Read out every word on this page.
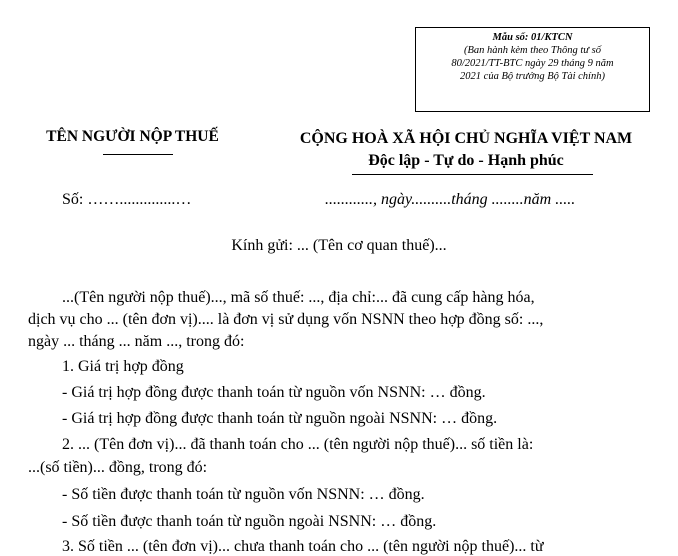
Mẫu số: 01/KTCN
(Ban hành kèm theo Thông tư số
80/2021/TT-BTC ngày 29 tháng 9 năm
2021 của Bộ trưởng Bộ Tài chính)
TÊN NGƯỜI NỘP THUẾ	CỘNG HOÀ XÃ HỘI CHỦ NGHĨA VIỆT NAM
Độc lập - Tự do - Hạnh phúc
Số: ……..............…	............, ngày..........tháng ........năm .....
Kính gửi: ... (Tên cơ quan thuế)...
...(Tên người nộp thuế)..., mã số thuế: ..., địa chỉ:... đã cung cấp hàng hóa,
dịch vụ cho ... (tên đơn vị).... là đơn vị sử dụng vốn NSNN theo hợp đồng số: ...,
ngày ... tháng ... năm ..., trong đó:
1. Giá trị hợp đồng
- Giá trị hợp đồng được thanh toán từ nguồn vốn NSNN: … đồng.
- Giá trị hợp đồng được thanh toán từ nguồn ngoài NSNN: … đồng.
2. ... (Tên đơn vị)... đã thanh toán cho ... (tên người nộp thuế)... số tiền là:
...(số tiền)... đồng, trong đó:
- Số tiền được thanh toán từ nguồn vốn NSNN: … đồng.
- Số tiền được thanh toán từ nguồn ngoài NSNN: … đồng.
3. Số tiền ... (tên đơn vị)... chưa thanh toán cho ... (tên người nộp thuế)... từ
